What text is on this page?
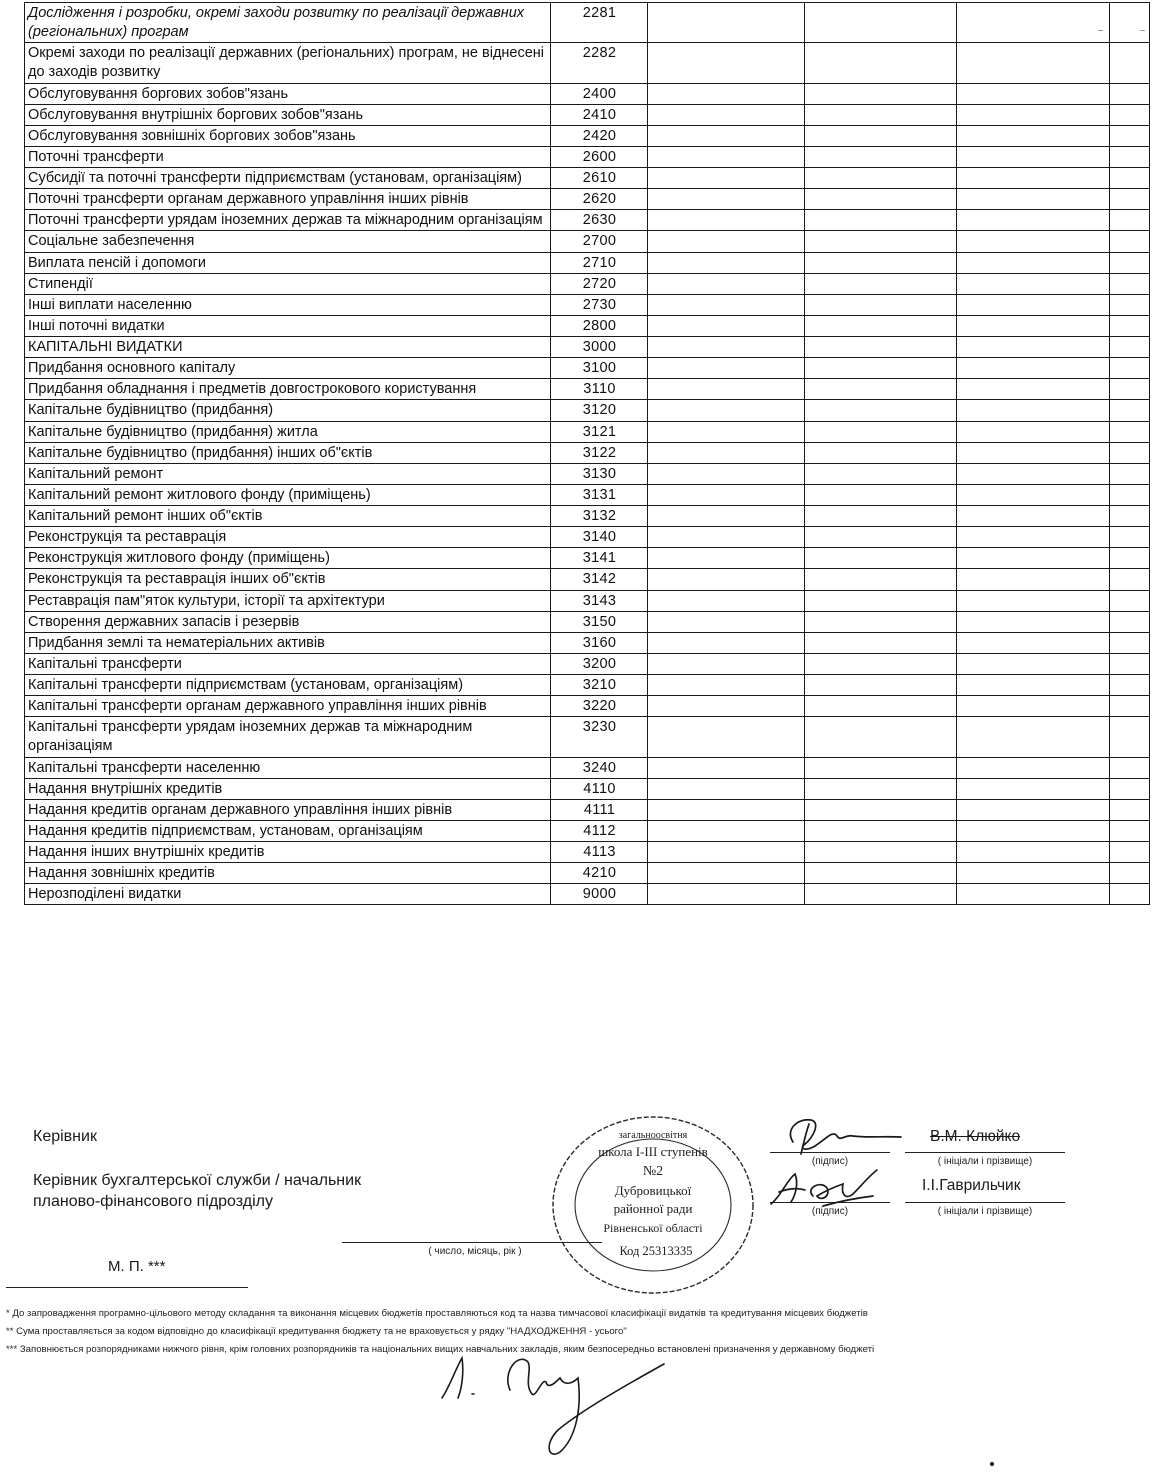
Дослідження і розробки, окремі заходи розвитку по реалізації державних (регіональних) програм	2281				
Окремі заходи по реалізації державних (регіональних) програм, не віднесені до заходів розвитку	2282				
Обслуговування боргових зобов"язань	2400				
Обслуговування внутрішніх боргових зобов"язань	2410				
Обслуговування зовнішніх боргових зобов"язань	2420				
Поточні трансферти	2600				
Субсидії та поточні трансферти підприємствам (установам, організаціям)	2610				
Поточні трансферти органам державного управління інших рівнів	2620				
Поточні трансферти урядам іноземних держав та міжнародним організаціям	2630				
Соціальне забезпечення	2700				
Виплата пенсій і допомоги	2710				
Стипендії	2720				
Інші виплати населенню	2730				
Інші поточні видатки	2800				
КАПІТАЛЬНІ ВИДАТКИ	3000				
Придбання основного капіталу	3100				
Придбання обладнання і предметів довгострокового користування	3110				
Капітальне будівництво (придбання)	3120				
Капітальне будівництво (придбання) житла	3121				
Капітальне будівництво (придбання) інших об"єктів	3122				
Капітальний ремонт	3130				
Капітальний ремонт житлового фонду (приміщень)	3131				
Капітальний ремонт інших об"єктів	3132				
Реконструкція та реставрація	3140				
Реконструкція житлового фонду (приміщень)	3141				
Реконструкція та реставрація інших об"єктів	3142				
Реставрація пам"яток культури, історії та архітектури	3143				
Створення державних запасів і резервів	3150				
Придбання землі та нематеріальних активів	3160				
Капітальні трансферти	3200				
Капітальні трансферти підприємствам (установам, організаціям)	3210				
Капітальні трансферти органам державного управління інших рівнів	3220				
Капітальні трансферти урядам іноземних держав та міжнародним організаціям	3230				
Капітальні трансферти населенню	3240				
Надання внутрішніх кредитів	4110				
Надання кредитів органам державного управління інших рівнів	4111				
Надання кредитів підприємствам, установам, організаціям	4112				
Надання інших внутрішніх кредитів	4113				
Надання зовнішніх кредитів	4210				
Нерозподілені видатки	9000				
Керівник
Керівник бухгалтерської служби / начальник
планово-фінансового підрозділу
(підпис)
В.М. Клюйко
( ініціали і прізвище)
(підпис)
І.І.Гаврильчик
( ініціали і прізвище)
( число, місяць, рік )
М. П. ***
загальноосвітня
школа І-ІІІ ступенів
№2
Дубровицької
районної ради
Рівненської області
Код 25313335
* До запровадження програмно-цільового методу складання та виконання місцевих бюджетів проставляються код та назва тимчасової класифікації видатків та кредитування місцевих бюджетів
** Сума проставляється за кодом відповідно до класифікації кредитування бюджету та не враховується у рядку "НАДХОДЖЕННЯ - усього"
*** Заповнюється розпорядниками нижчого рівня, крім головних розпорядників та національних вищих навчальних закладів, яким безпосередньо встановлені призначення у державному бюджеті
